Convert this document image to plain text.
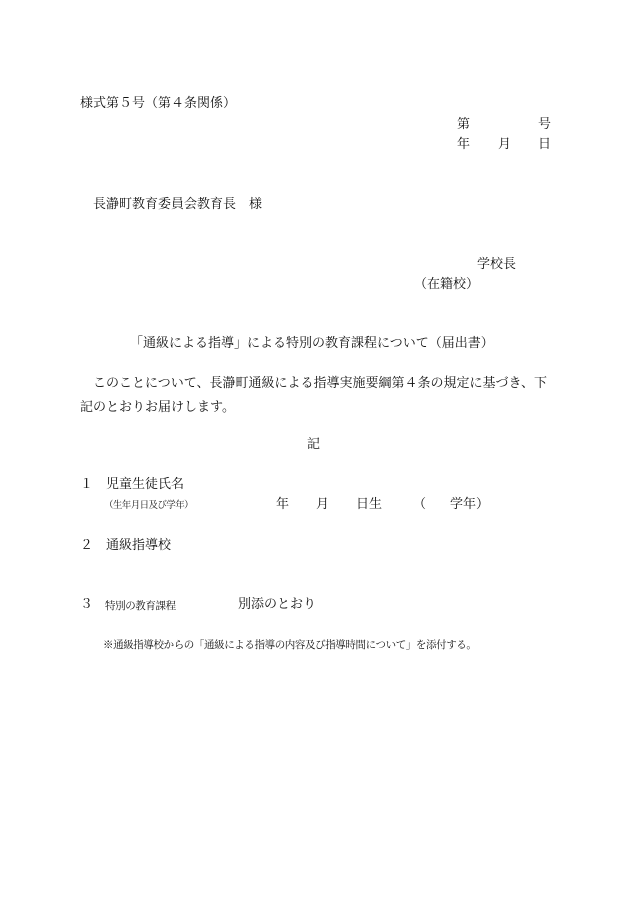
様式第５号（第４条関係）
第	号
年 月 日
長瀞町教育委員会教育長　様
学校長
（在籍校）
「通級による指導」による特別の教育課程について（届出書）
このことについて、長瀞町通級による指導実施要綱第４条の規定に基づき、下記のとおりお届けします。
記
１ 児童生徒氏名
（生年月日及び学年）	年 月 日生 （ 学年）
２ 通級指導校
３ 特別の教育課程	別添のとおり
※通級指導校からの「通級による指導の内容及び指導時間について」を添付する。
